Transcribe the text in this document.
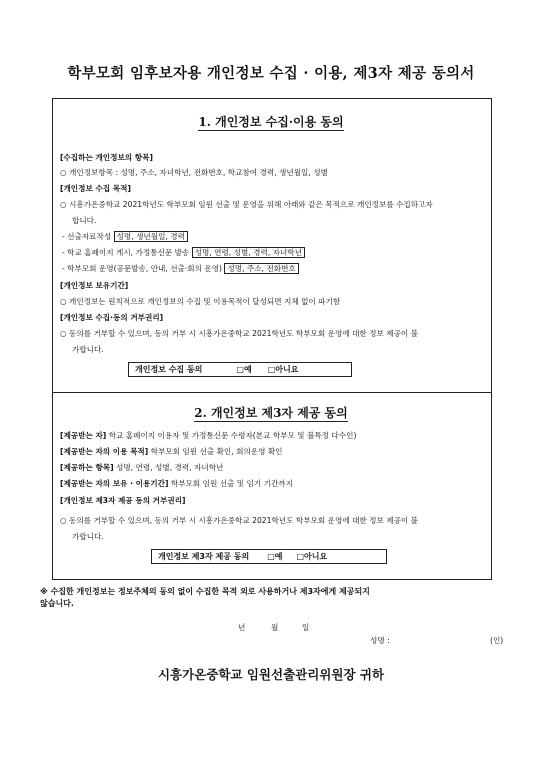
학부모회 임후보자용 개인정보 수집 · 이용, 제3자 제공 동의서
1. 개인정보 수집·이용 동의
[수집하는 개인정보의 항목]
○ 개인정보항목 : 성명, 주소, 자녀학년, 전화번호, 학교참여 경력, 생년월일, 성별
[개인정보 수집 목적]
○ 시흥가온중학교 2021학년도 학부모회 임원 선출 및 운영을 위해 아래와 같은 목적으로 개인정보를 수집하고자
합니다.
- 선출자료작성 성명, 생년월일, 경력
- 학교 홈페이지 게시, 가정통신문 발송 성명, 연령, 성별, 경력, 자녀학년
- 학부모회 운영(공문발송, 안내, 선출·회의 운영) 성명, 주소, 전화번호
[개인정보 보유기간]
○ 개인정보는 원칙적으로 개인정보의 수집 및 이용목적이 달성되면 지체 없이 파기함
[개인정보 수집·동의 거부권리]
○ 동의를 거부할 수 있으며, 동의 거부 시 시흥가온중학교 2021학년도 학부모회 운영에 대한 정보 제공이 불
가합니다.
개인정보 수집 동의	□예 □아니요
2. 개인정보 제3자 제공 동의
[제공받는 자] 학교 홈페이지 이용자 및 가정통신문 수령자(본교 학부모 및 불특정 다수인)
[제공받는 자의 이용 목적] 학부모회 임원 선출 확인, 회의운영 확인
[제공하는 항목] 성명, 연령, 성별, 경력, 자녀학년
[제공받는 자의 보유 · 이용기간] 학부모회 임원 선출 및 임기 기간까지
[개인정보 제3자 제공 동의 거부권리]
○ 동의를 거부할 수 있으며, 동의 거부 시 시흥가온중학교 2021학년도 학부모회 운영에 대한 정보 제공이 불
가합니다.
개인정보 제3자 제공 동의 □예 □아니요
※ 수집한 개인정보는 정보주체의 동의 없이 수집한 목적 외로 사용하거나 제3자에게 제공되지
않습니다.
년	월	일
성명 :	(인)
시흥가온중학교 임원선출관리위원장 귀하
